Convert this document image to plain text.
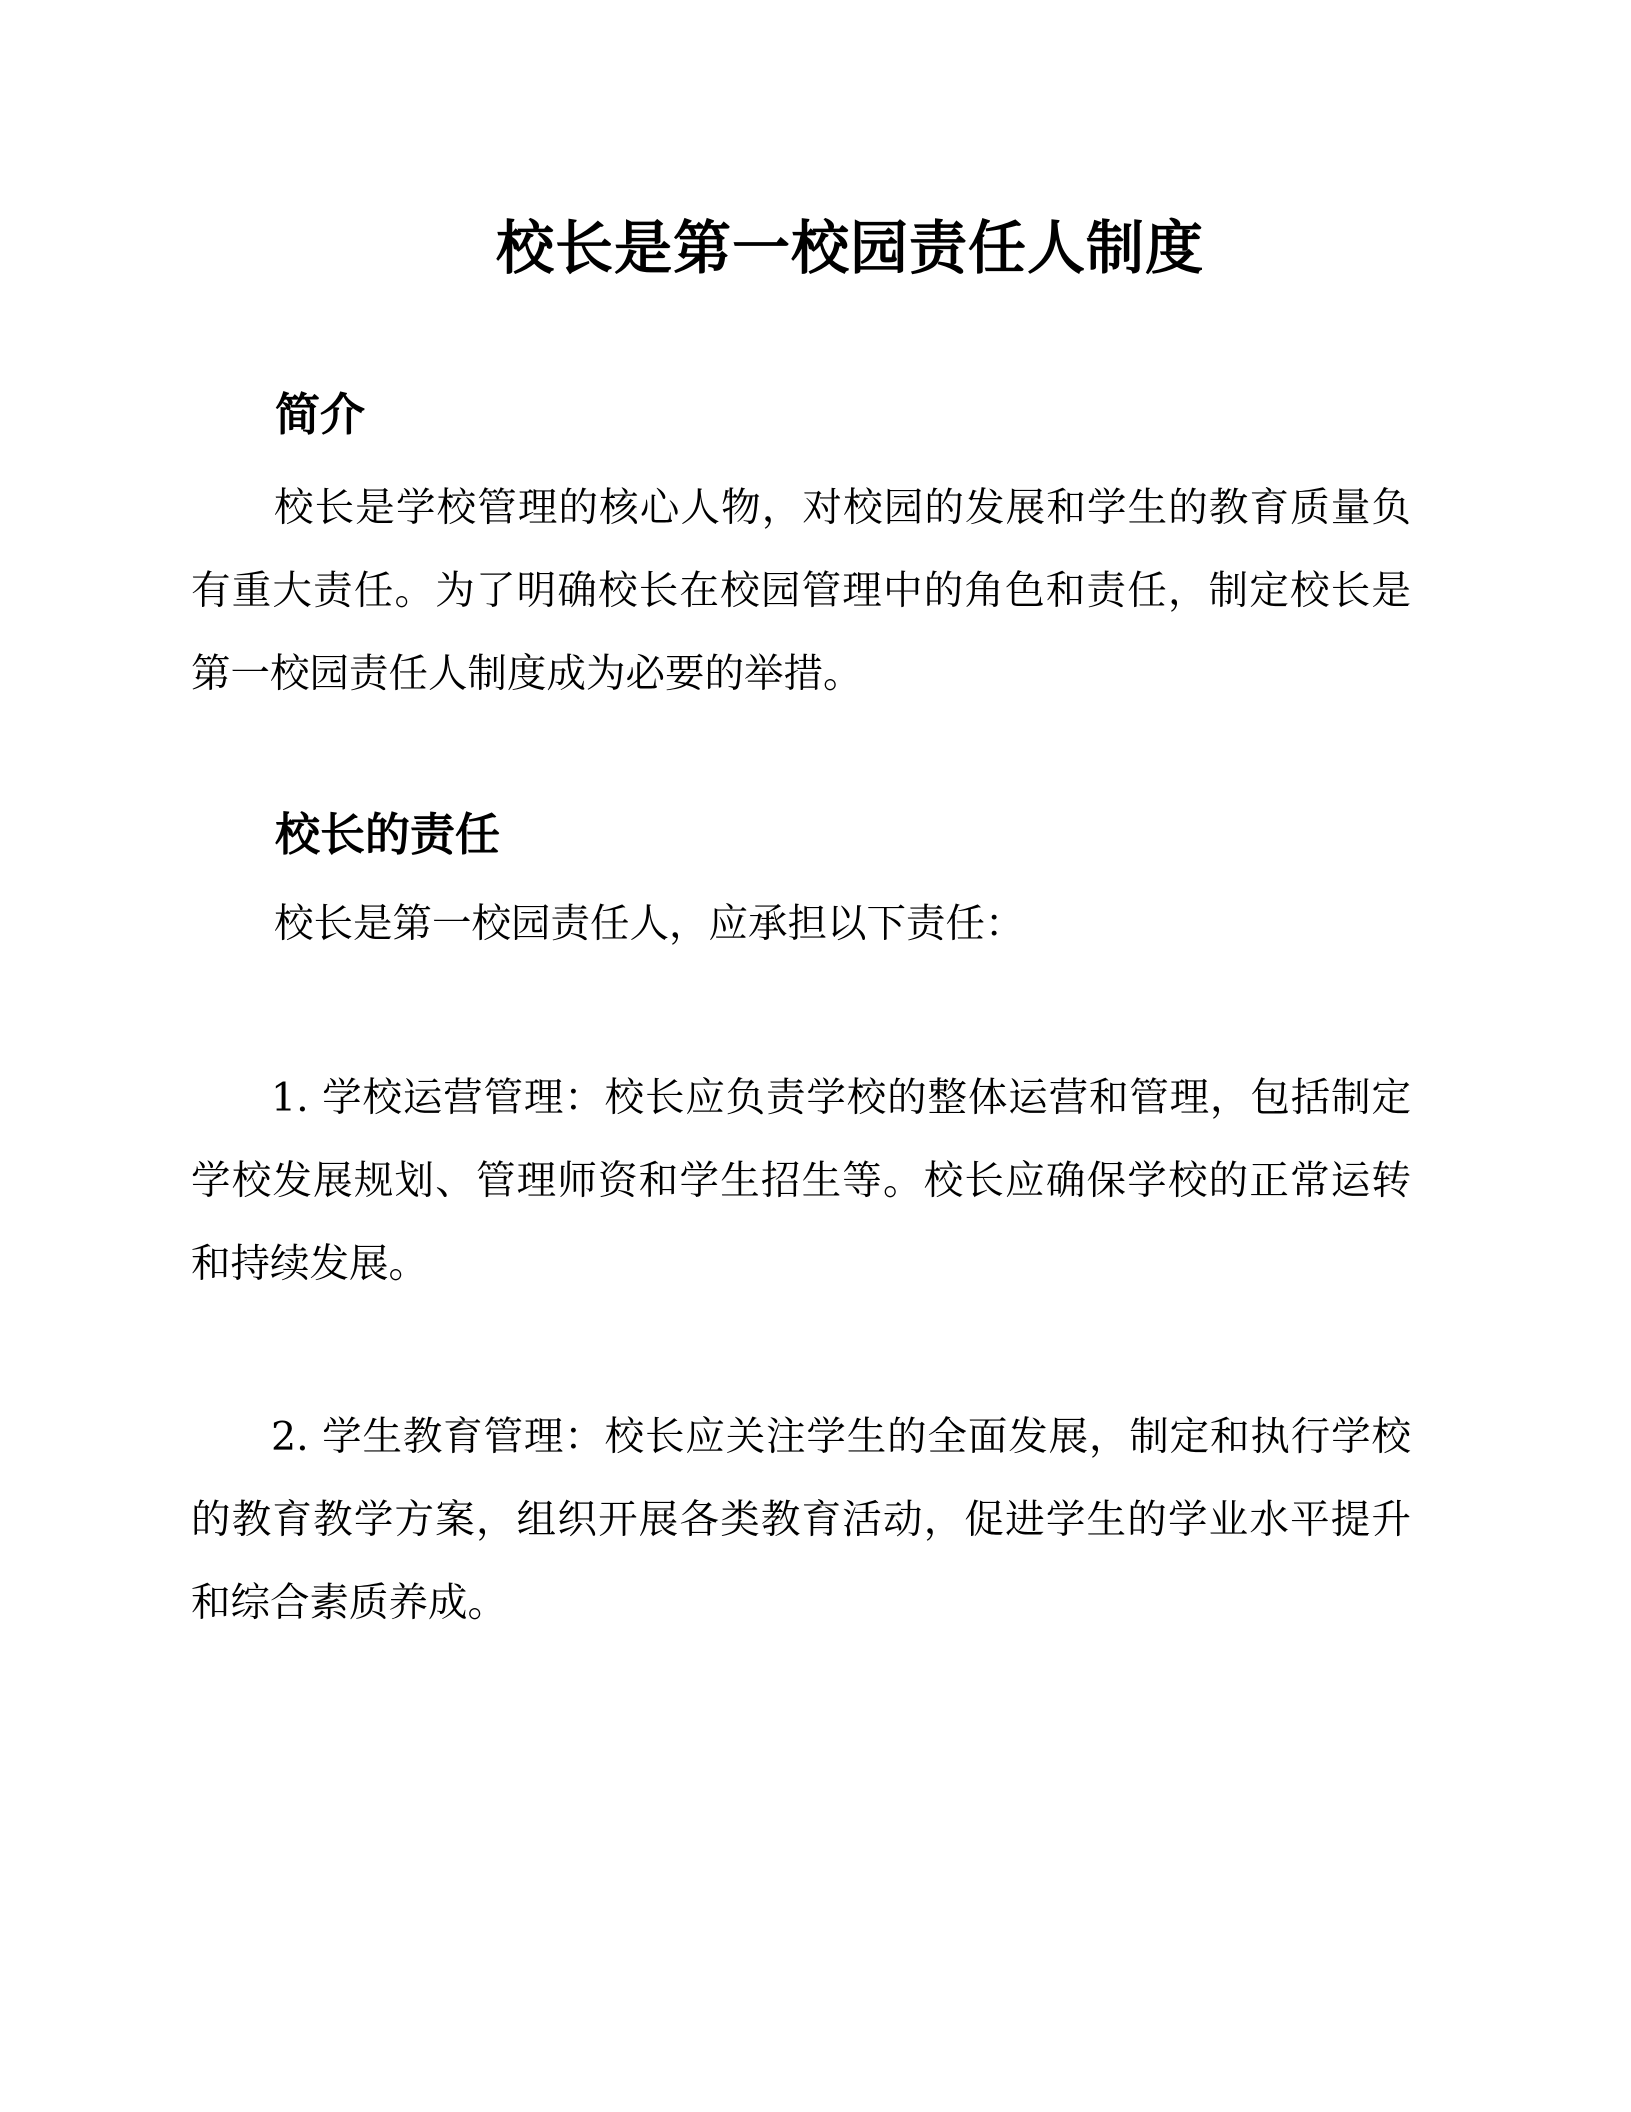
校长是第一校园责任人制度
简介

校长是学校管理的核心人物，对校园的发展和学生的教育质量负有重大责任。为了明确校长在校园管理中的角色和责任，制定校长是第一校园责任人制度成为必要的举措。

校长的责任

校长是第一校园责任人，应承担以下责任：

1. 学校运营管理：校长应负责学校的整体运营和管理，包括制定学校发展规划、管理师资和学生招生等。校长应确保学校的正常运转和持续发展。

2. 学生教育管理：校长应关注学生的全面发展，制定和执行学校的教育教学方案，组织开展各类教育活动，促进学生的学业水平提升和综合素质养成。
